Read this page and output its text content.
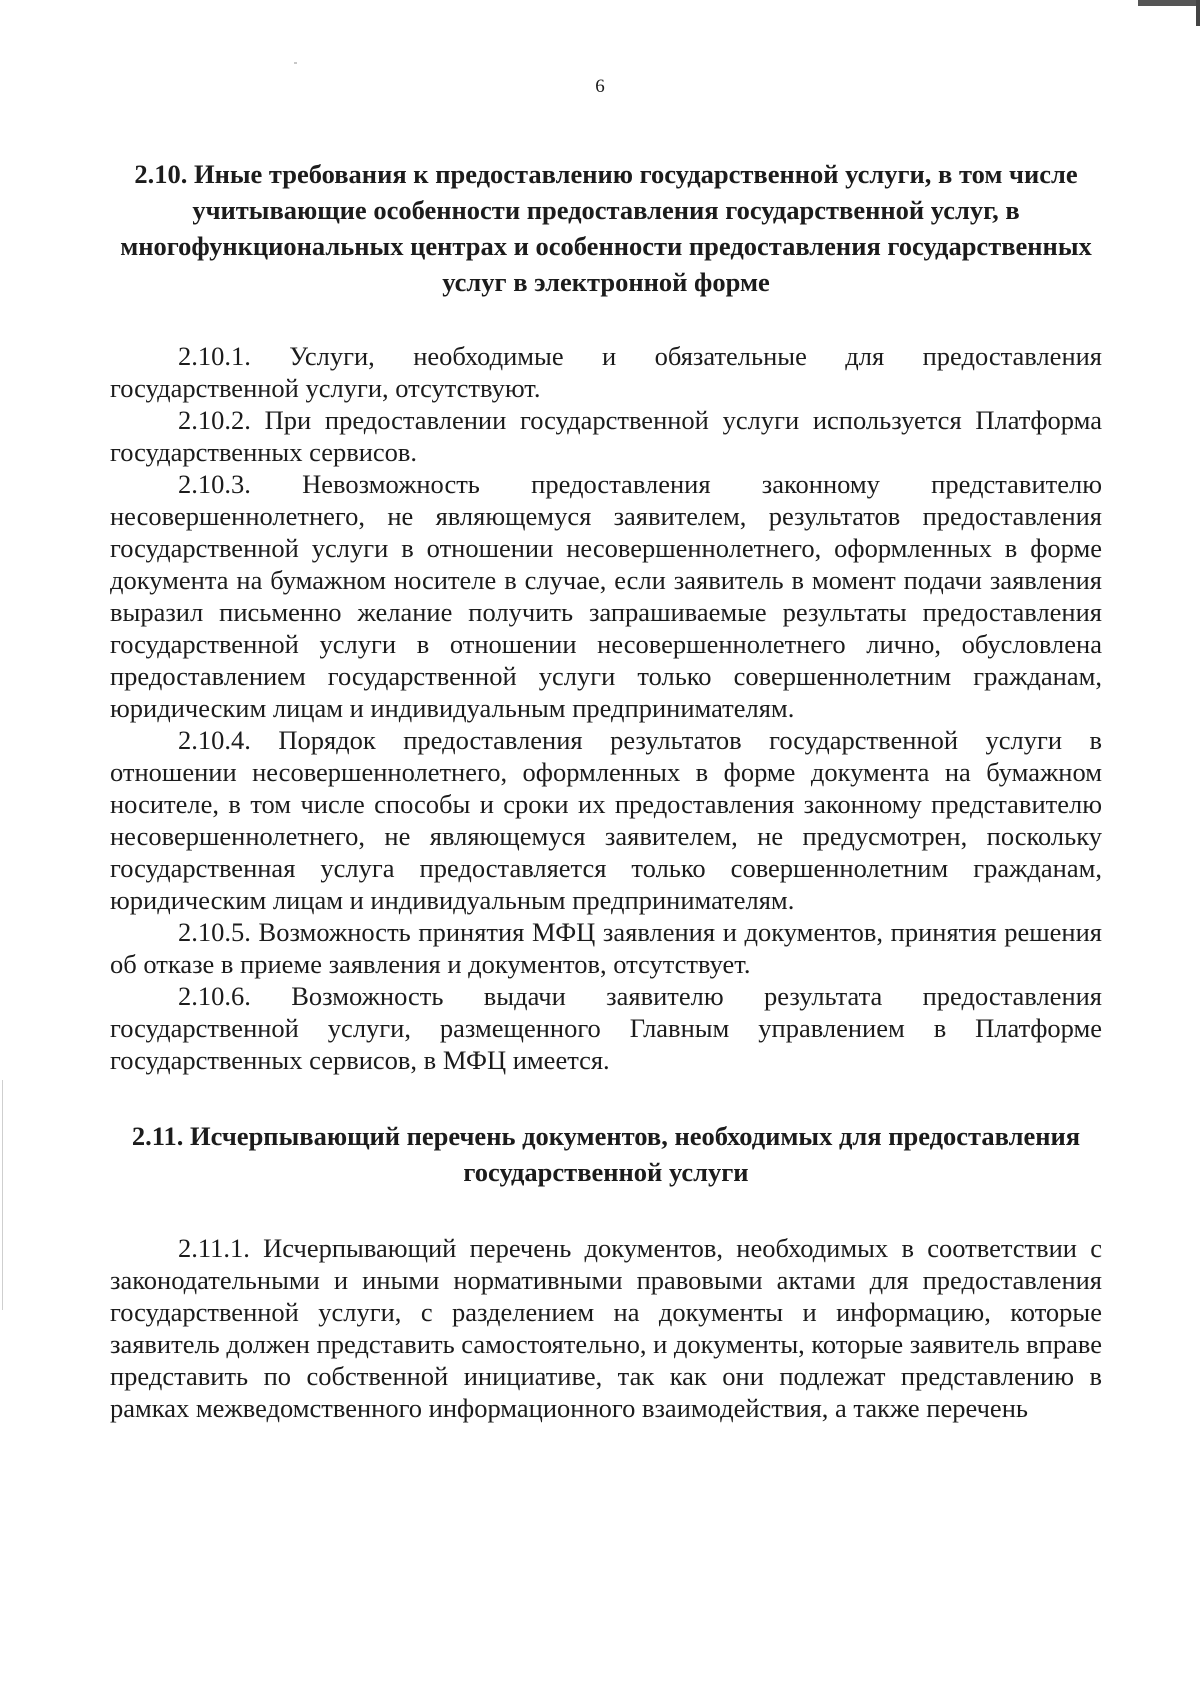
6
2.10. Иные требования к предоставлению государственной услуги, в том числе учитывающие особенности предоставления государственной услуг, в многофункциональных центрах и особенности предоставления государственных услуг в электронной форме

2.10.1. Услуги, необходимые и обязательные для предоставления государственной услуги, отсутствуют.

2.10.2. При предоставлении государственной услуги используется Платформа государственных сервисов.

2.10.3. Невозможность предоставления законному представителю несовершеннолетнего, не являющемуся заявителем, результатов предоставления государственной услуги в отношении несовершеннолетнего, оформленных в форме документа на бумажном носителе в случае, если заявитель в момент подачи заявления выразил письменно желание получить запрашиваемые результаты предоставления государственной услуги в отношении несовершеннолетнего лично, обусловлена предоставлением государственной услуги только совершеннолетним гражданам, юридическим лицам и индивидуальным предпринимателям.

2.10.4. Порядок предоставления результатов государственной услуги в отношении несовершеннолетнего, оформленных в форме документа на бумажном носителе, в том числе способы и сроки их предоставления законному представителю несовершеннолетнего, не являющемуся заявителем, не предусмотрен, поскольку государственная услуга предоставляется только совершеннолетним гражданам, юридическим лицам и индивидуальным предпринимателям.

2.10.5. Возможность принятия МФЦ заявления и документов, принятия решения об отказе в приеме заявления и документов, отсутствует.

2.10.6. Возможность выдачи заявителю результата предоставления государственной услуги, размещенного Главным управлением в Платформе государственных сервисов, в МФЦ имеется.

2.11. Исчерпывающий перечень документов, необходимых для предоставления государственной услуги

2.11.1. Исчерпывающий перечень документов, необходимых в соответствии с законодательными и иными нормативными правовыми актами для предоставления государственной услуги, с разделением на документы и информацию, которые заявитель должен представить самостоятельно, и документы, которые заявитель вправе представить по собственной инициативе, так как они подлежат представлению в рамках межведомственного информационного взаимодействия, а также перечень
